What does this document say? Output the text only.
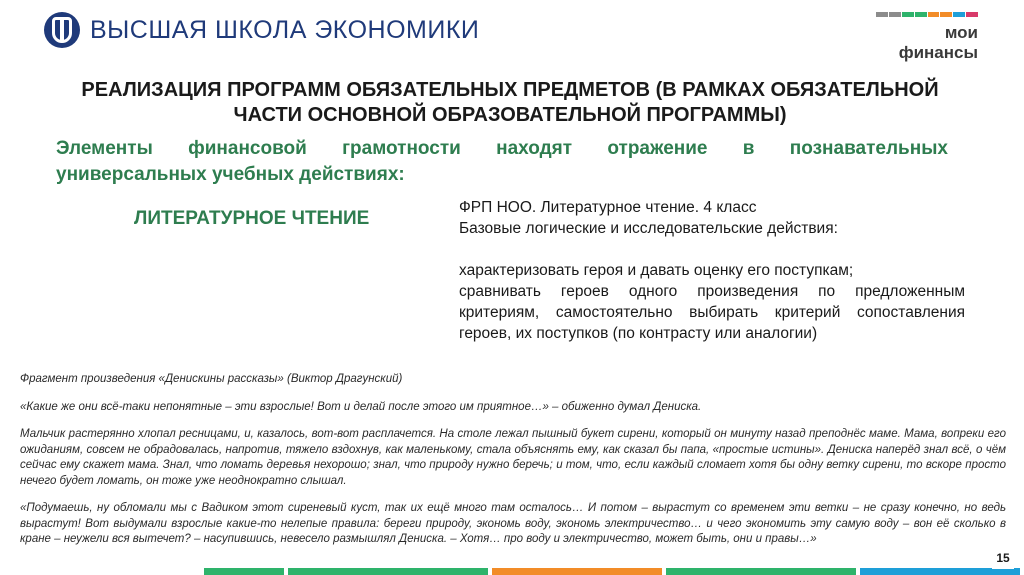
ВЫСШАЯ ШКОЛА ЭКОНОМИКИ	мои финансы
РЕАЛИЗАЦИЯ ПРОГРАММ ОБЯЗАТЕЛЬНЫХ ПРЕДМЕТОВ (В РАМКАХ ОБЯЗАТЕЛЬНОЙ ЧАСТИ ОСНОВНОЙ ОБРАЗОВАТЕЛЬНОЙ ПРОГРАММЫ)
Элементы финансовой грамотности находят отражение в познавательных
универсальных учебных действиях:
ЛИТЕРАТУРНОЕ ЧТЕНИЕ
ФРП НОО. Литературное чтение. 4 класс
Базовые логические и исследовательские действия:
характеризовать героя и давать оценку его поступкам;
сравнивать героев одного произведения по предложенным критериям, самостоятельно выбирать критерий сопоставления героев, их поступков (по контрасту или аналогии)

Фрагмент произведения «Денискины рассказы» (Виктор Драгунский)

«Какие же они всё-таки непонятные – эти взрослые! Вот и делай после этого им приятное…» – обиженно думал Дениска.

Мальчик растерянно хлопал ресницами, и, казалось, вот-вот расплачется. На столе лежал пышный букет сирени, который он минуту назад преподнёс маме. Мама, вопреки его ожиданиям, совсем не обрадовалась, напротив, тяжело вздохнув, как маленькому, стала объяснять ему, как сказал бы папа, «простые истины». Дениска наперёд знал всё, о чём сейчас ему скажет мама. Знал, что ломать деревья нехорошо; знал, что природу нужно беречь; и том, что, если каждый сломает хотя бы одну ветку сирени, то вскоре просто нечего будет ломать, он тоже уже неоднократно слышал.

«Подумаешь, ну обломали мы с Вадиком этот сиреневый куст, так их ещё много там осталось… И потом – вырастут со временем эти ветки – не сразу конечно, но ведь вырастут! Вот выдумали взрослые какие-то нелепые правила: береги природу, экономь воду, экономь электричество… и чего экономить эту самую воду – вон её сколько в кране – неужели вся вытечет? – насупившись, невесело размышлял Дениска. – Хотя… про воду и электричество, может быть, они и правы…»

15
